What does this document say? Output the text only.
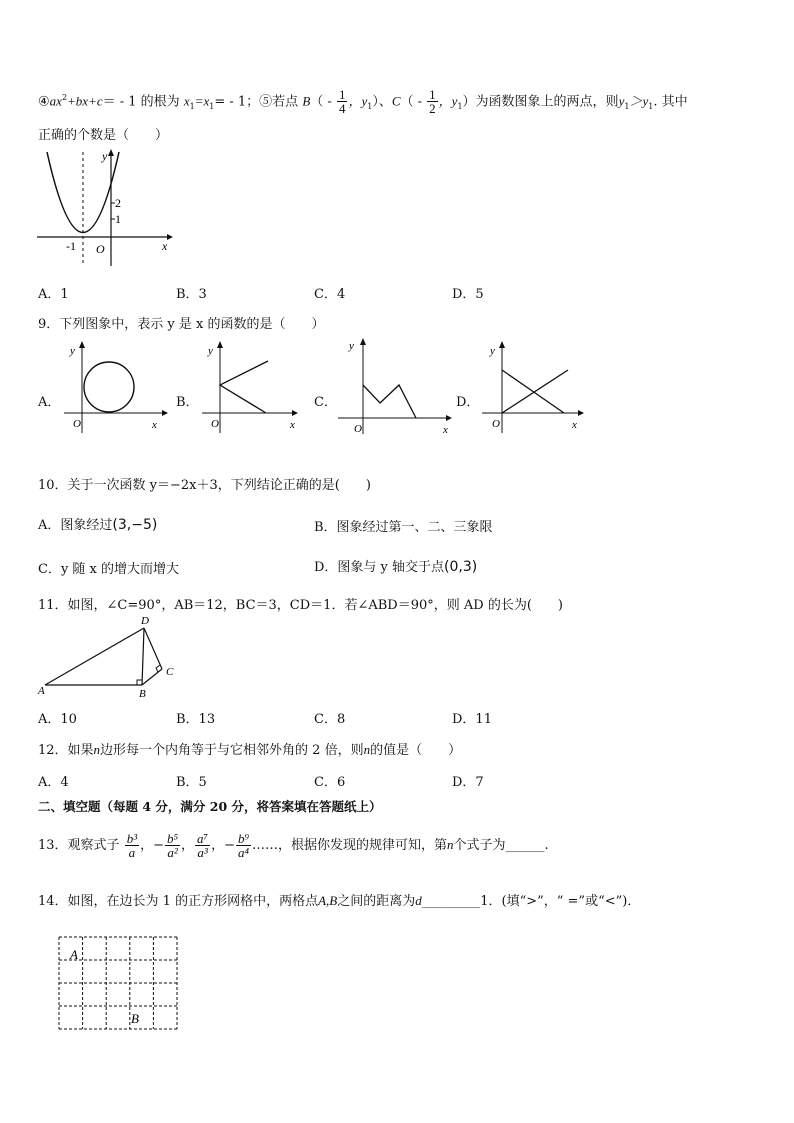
$④ax^2+bx+c= - 1$ 的根为 $x_1=x_1= - 1$；⑤若点 $B( - \frac{1}{4}$ ，$y_1$）、$C( - \frac{1}{2}$ ，$y_1$）为函数图象上的两点，则$y_1>y_1$. 其中
正确的个数是（　　）
y
x
O
-1
2
1
A．1	B．3	C．4	D．5
9．下列图象中，表示 y 是 x 的函数的是（　　）
A．
y
x
O
B．
y
x
O
C．
y
x
O
D．
y
x
O
10．关于一次函数 y＝−2x＋3，下列结论正确的是(　　)
A．图象经过(3,−5)	B．图象经过第一、二、三象限
C．y 随 x 的增大而增大	D．图象与 y 轴交于点(0,3)
11．如图，∠C=90°，AB＝12，BC＝3，CD＝1．若∠ABD＝90°，则 AD 的长为(　　)
A	B
C
D
A．10	B．13	C．8	D．11
12．如果n边形每一个内角等于与它相邻外角的 2 倍，则n的值是（　　）
A．4	B．5	C．6	D．7
二、填空题（每题 4 分，满分 20 分，将答案填在答题纸上）
13．观察式子 $\frac{\text{b³}}{a}$ ，− $\frac{\text{b⁵}}{\text{a²}}$ ， $\frac{\text{a⁷}}{\text{a³}}$ ，− $\frac{\text{b⁹}}{\text{a⁴}}$ ……，根据你发现的规律可知，第n个式子为______.
14．如图，在边长为 1 的正方形网格中，两格点A,B之间的距离为d_________1．(填“>”，“ =”或“<”)．
A
B
